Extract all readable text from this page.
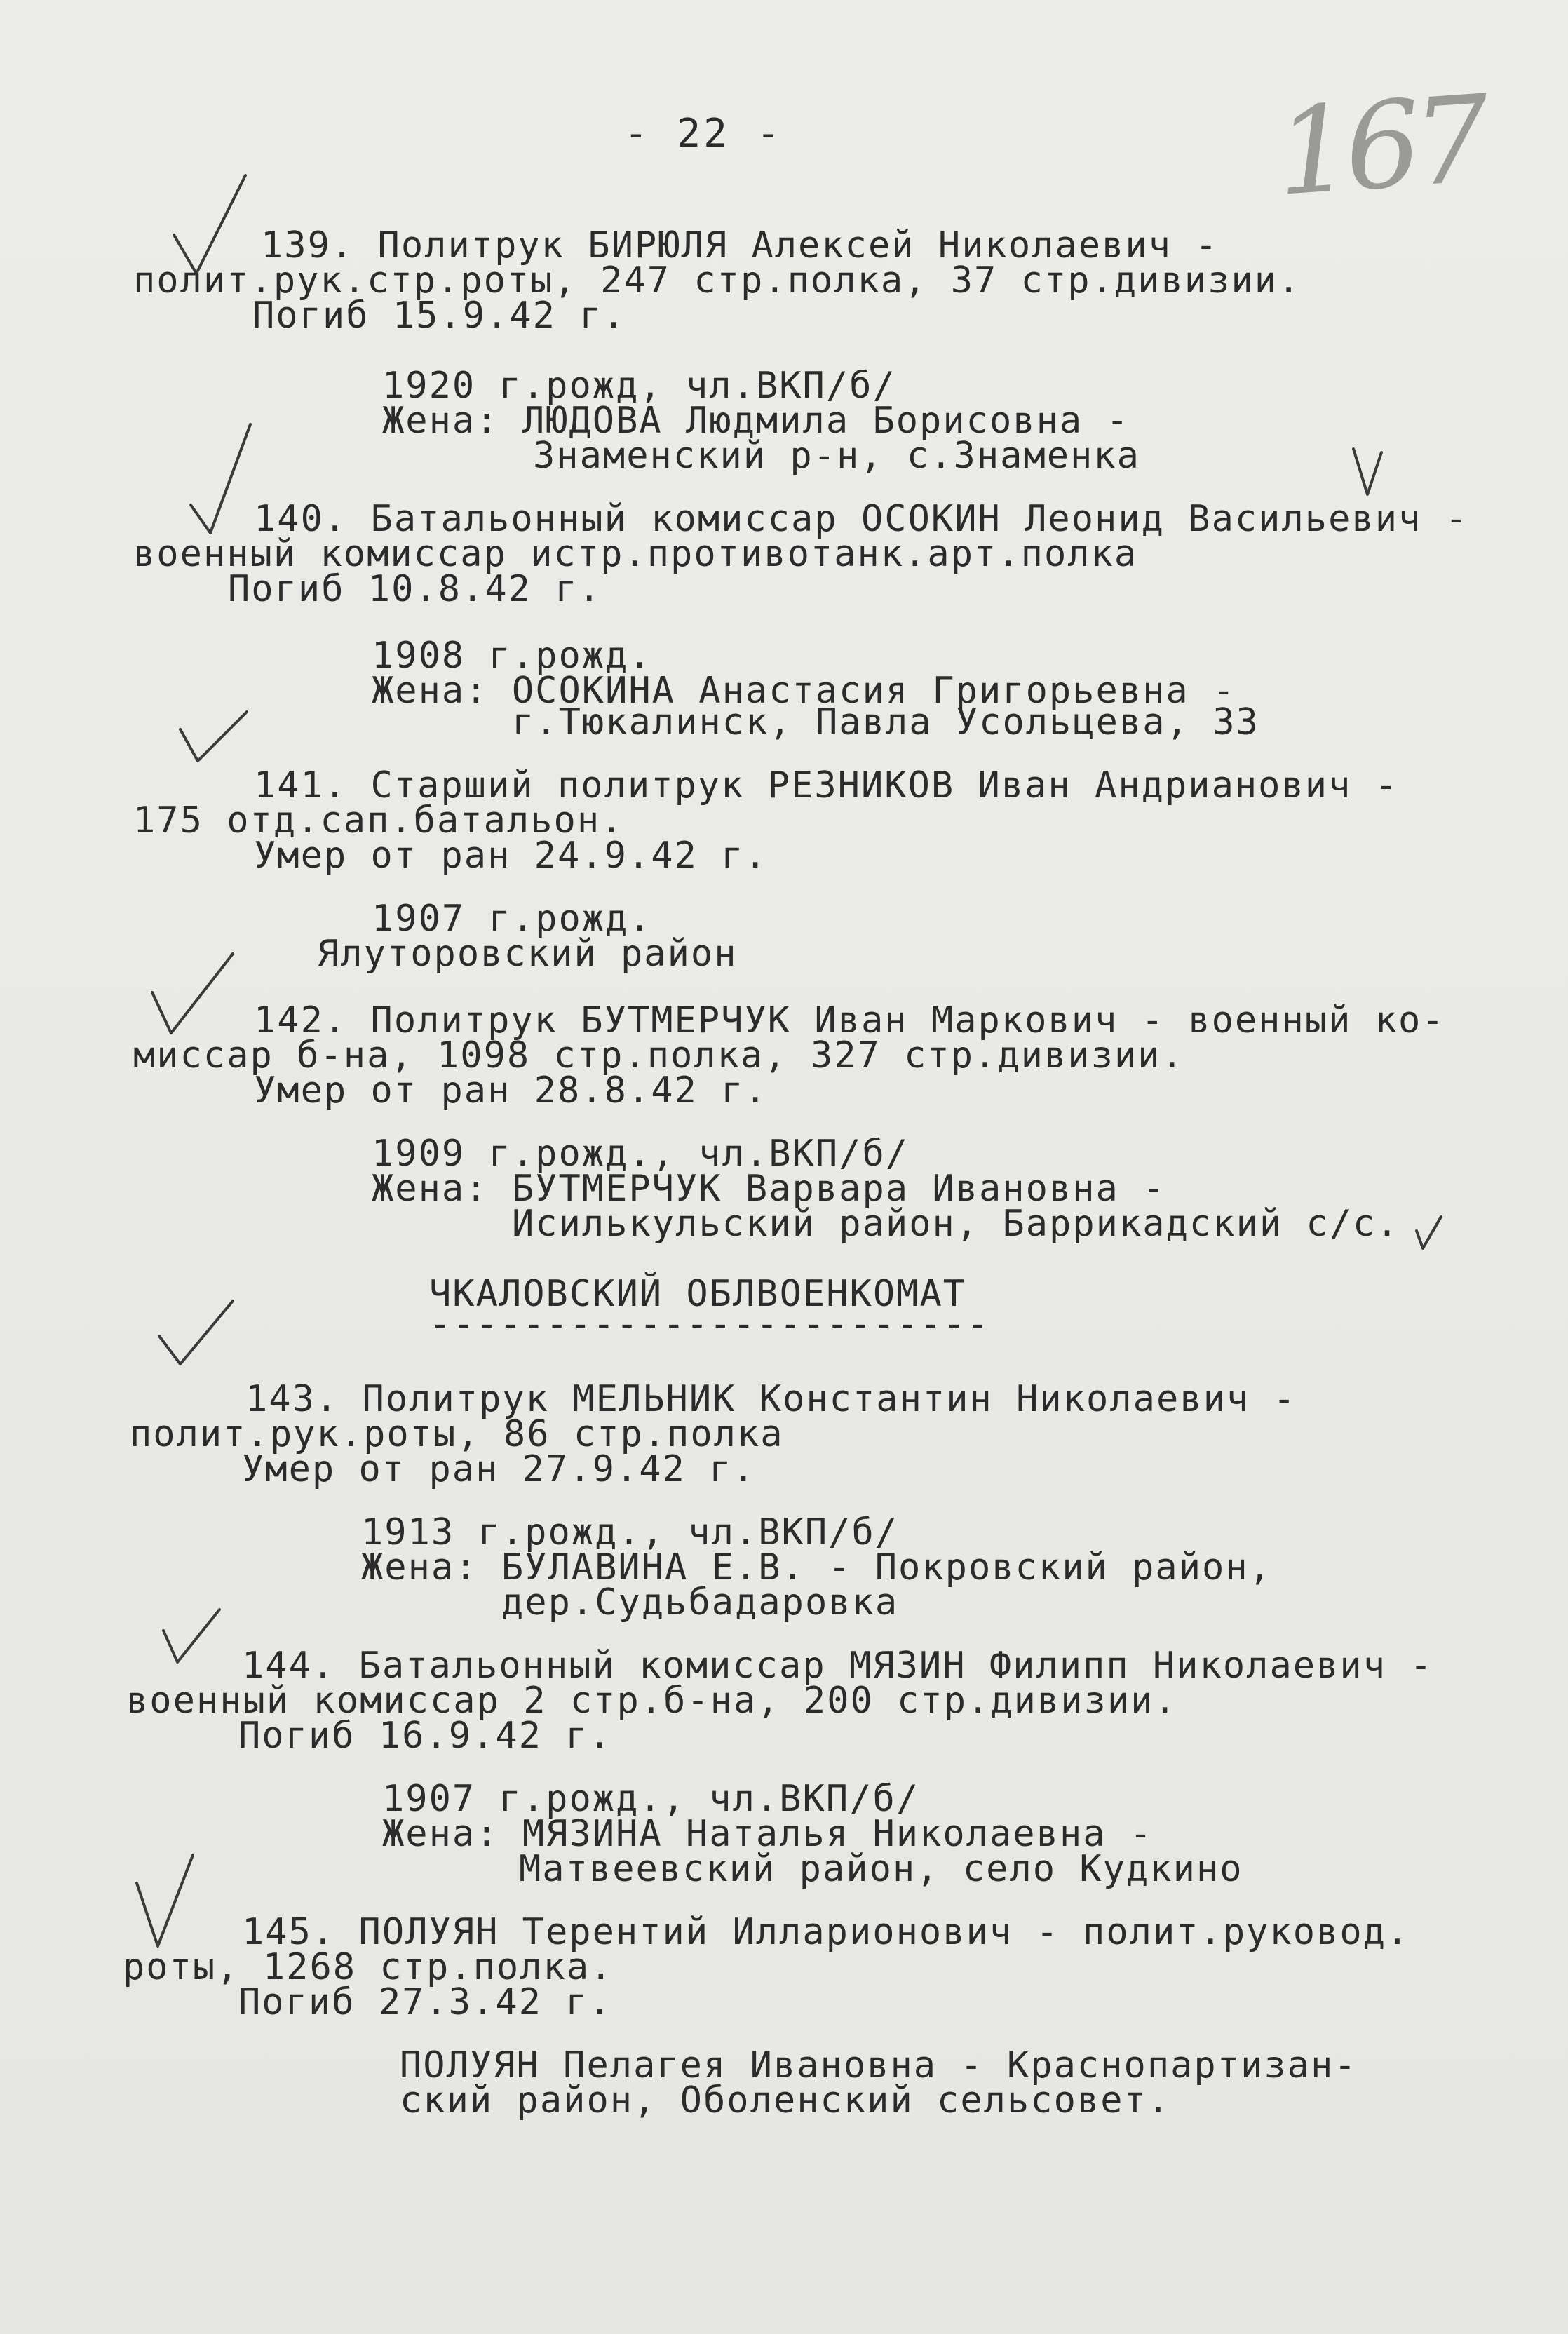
- 22 -	167
139. Политрук БИРЮЛЯ Алексей Николаевич -
полит.рук.стр.роты, 247 стр.полка, 37 стр.дивизии.
Погиб 15.9.42 г.
1920 г.рожд, чл.ВКП/б/
Жена: ЛЮДОВА Людмила Борисовна -
Знаменский р-н, с.Знаменка
140. Батальонный комиссар ОСОКИН Леонид Васильевич -
военный комиссар истр.противотанк.арт.полка
Погиб 10.8.42 г.
1908 г.рожд.
Жена: ОСОКИНА Анастасия Григорьевна -
г.Тюкалинск, Павла Усольцева, 33
141. Старший политрук РЕЗНИКОВ Иван Андрианович -
175 отд.сап.батальон.
Умер от ран 24.9.42 г.
1907 г.рожд.
Ялуторовский район
142. Политрук БУТМЕРЧУК Иван Маркович - военный ко-
миссар б-на, 1098 стр.полка, 327 стр.дивизии.
Умер от ран 28.8.42 г.
1909 г.рожд., чл.ВКП/б/
Жена: БУТМЕРЧУК Варвара Ивановна -
Исилькульский район, Баррикадский с/с.
ЧКАЛОВСКИЙ ОБЛВОЕНКОМАТ
------------------------
143. Политрук МЕЛЬНИК Константин Николаевич -
полит.рук.роты, 86 стр.полка
Умер от ран 27.9.42 г.
1913 г.рожд., чл.ВКП/б/
Жена: БУЛАВИНА Е.В. - Покровский район,
дер.Судьбадаровка
144. Батальонный комиссар МЯЗИН Филипп Николаевич -
военный комиссар 2 стр.б-на, 200 стр.дивизии.
Погиб 16.9.42 г.
1907 г.рожд., чл.ВКП/б/
Жена: МЯЗИНА Наталья Николаевна -
Матвеевский район, село Кудкино
145. ПОЛУЯН Терентий Илларионович - полит.руковод.
роты, 1268 стр.полка.
Погиб 27.3.42 г.
ПОЛУЯН Пелагея Ивановна - Краснопартизан-
ский район, Оболенский сельсовет.
